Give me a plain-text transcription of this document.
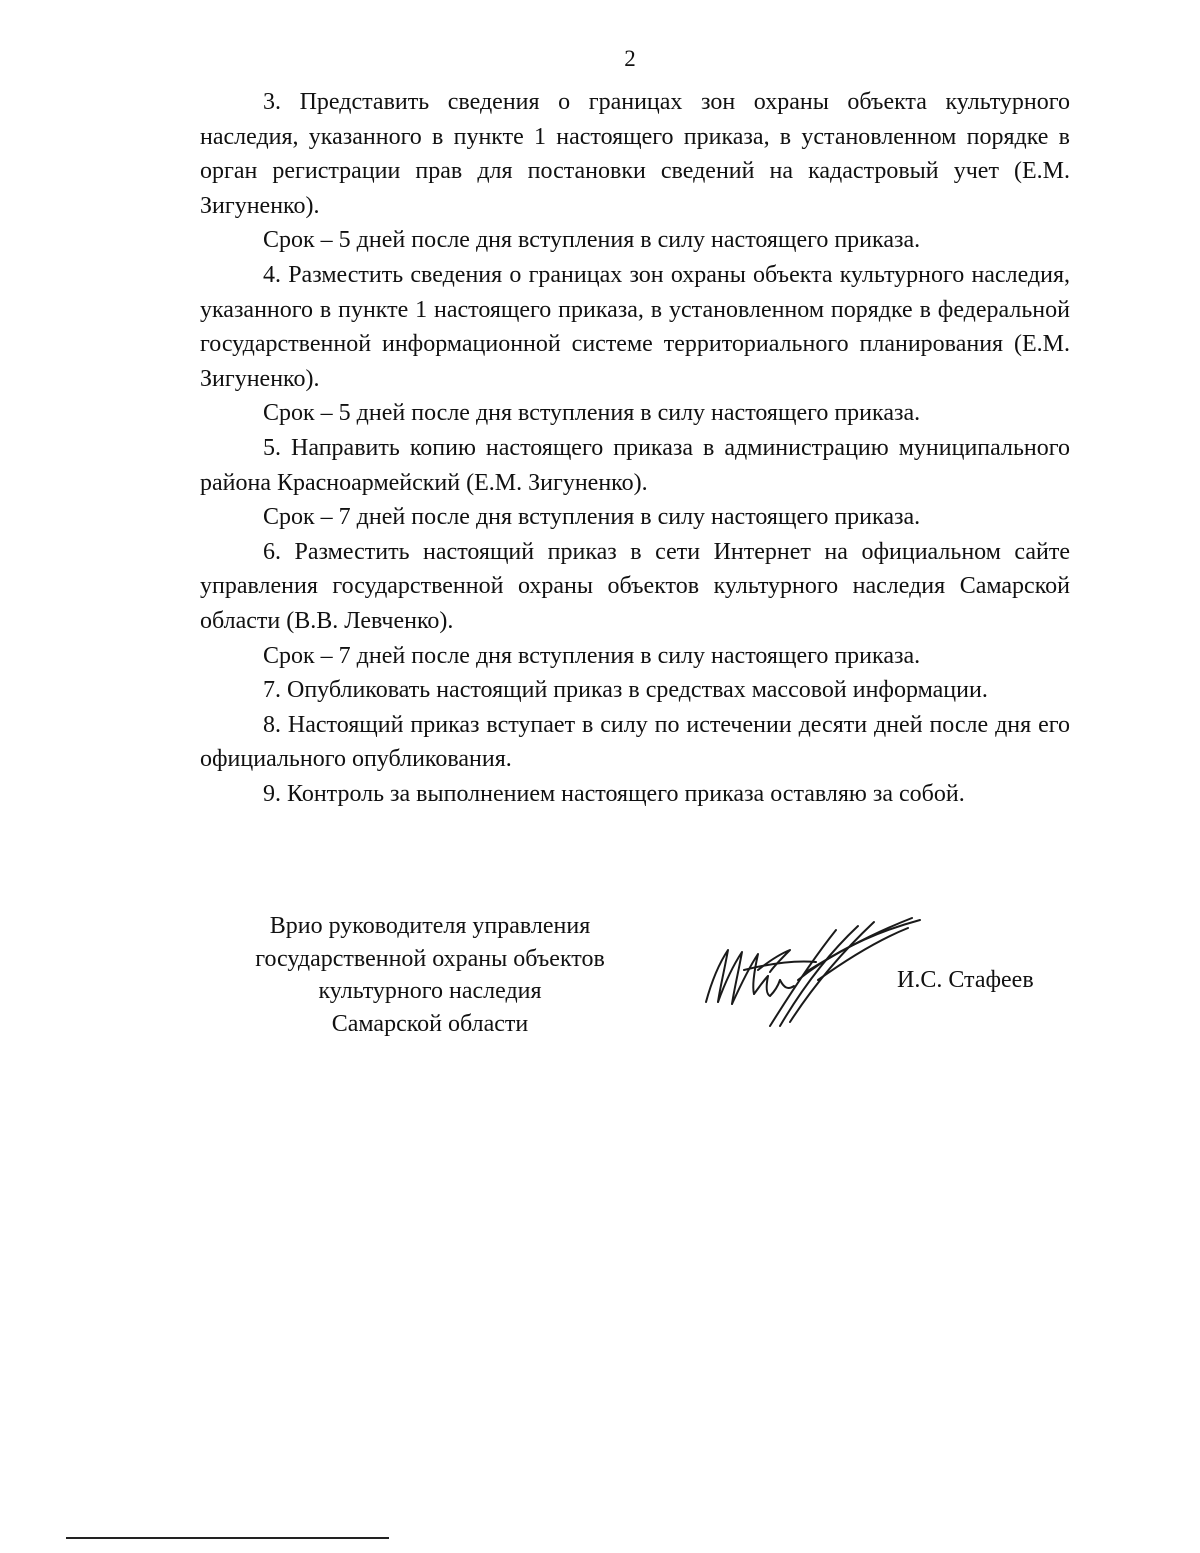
2

3. Представить сведения о границах зон охраны объекта культурного наследия, указанного в пункте 1 настоящего приказа, в установленном порядке в орган регистрации прав для постановки сведений на кадастровый учет (Е.М. Зигуненко).

Срок – 5 дней после дня вступления в силу настоящего приказа.

4. Разместить сведения о границах зон охраны объекта культурного наследия, указанного в пункте 1 настоящего приказа, в установленном порядке в федеральной государственной информационной системе территориального планирования (Е.М. Зигуненко).

Срок – 5 дней после дня вступления в силу настоящего приказа.

5. Направить копию настоящего приказа в администрацию муниципального района Красноармейский (Е.М. Зигуненко).

Срок – 7 дней после дня вступления в силу настоящего приказа.

6. Разместить настоящий приказ в сети Интернет на официальном сайте управления государственной охраны объектов культурного наследия Самарской области (В.В. Левченко).

Срок – 7 дней после дня вступления в силу настоящего приказа.

7. Опубликовать настоящий приказ в средствах массовой информации.

8. Настоящий приказ вступает в силу по истечении десяти дней после дня его официального опубликования.

9. Контроль за выполнением настоящего приказа оставляю за собой.

Врио руководителя управления
государственной охраны объектов
культурного наследия
Самарской области
И.С. Стафеев
